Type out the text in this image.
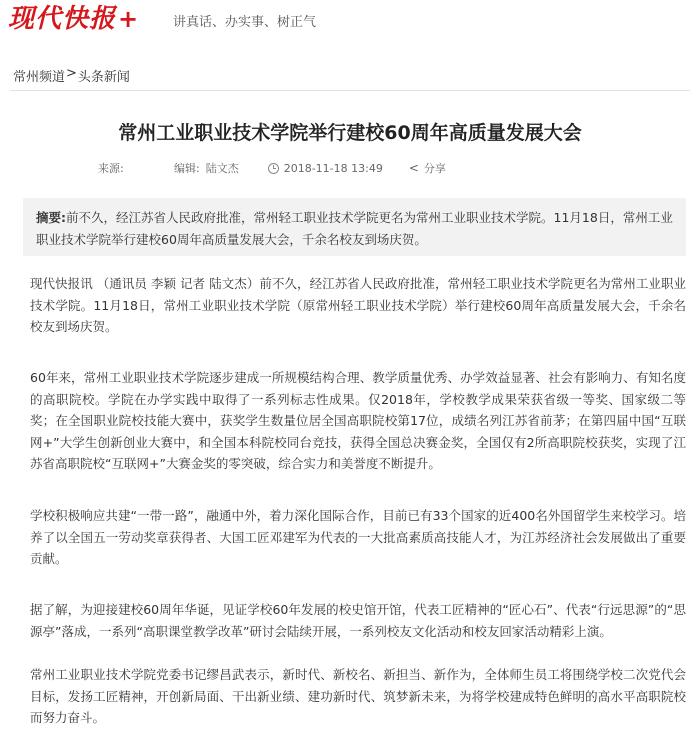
现代快报 +	讲真话、办实事、树正气
常州频道 > 头条新闻
常州工业职业技术学院举行建校60周年高质量发展大会
来源:	编辑: 陆文杰	2018-11-18 13:49 < 分享
摘要:前不久，经江苏省人民政府批准，常州轻工职业技术学院更名为常州工业职业技术学院。11月18日，常州工业职业技术学院举行建校60周年高质量发展大会，千余名校友到场庆贺。

现代快报讯 （通讯员 李颖 记者 陆文杰）前不久，经江苏省人民政府批准，常州轻工职业技术学院更名为常州工业职业技术学院。11月18日，常州工业职业技术学院（原常州轻工职业技术学院）举行建校60周年高质量发展大会，千余名校友到场庆贺。

60年来，常州工业职业技术学院逐步建成一所规模结构合理、教学质量优秀、办学效益显著、社会有影响力、有知名度的高职院校。学院在办学实践中取得了一系列标志性成果。仅2018年，学校教学成果荣获省级一等奖、国家级二等奖；在全国职业院校技能大赛中，获奖学生数量位居全国高职院校第17位，成绩名列江苏省前茅；在第四届中国“互联网+”大学生创新创业大赛中，和全国本科院校同台竞技，获得全国总决赛金奖，全国仅有2所高职院校获奖，实现了江苏省高职院校“互联网+”大赛金奖的零突破，综合实力和美誉度不断提升。

学校积极响应共建“一带一路”，融通中外，着力深化国际合作，目前已有33个国家的近400名外国留学生来校学习。培养了以全国五一劳动奖章获得者、大国工匠邓建军为代表的一大批高素质高技能人才，为江苏经济社会发展做出了重要贡献。

据了解，为迎接建校60周年华诞，见证学校60年发展的校史馆开馆，代表工匠精神的“匠心石”、代表“行远思源”的“思源亭”落成，一系列“高职课堂教学改革”研讨会陆续开展，一系列校友文化活动和校友回家活动精彩上演。

常州工业职业技术学院党委书记缪昌武表示，新时代、新校名、新担当、新作为，全体师生员工将围绕学校二次党代会目标，发扬工匠精神，开创新局面、干出新业绩、建功新时代、筑梦新未来，为将学校建成特色鲜明的高水平高职院校而努力奋斗。
